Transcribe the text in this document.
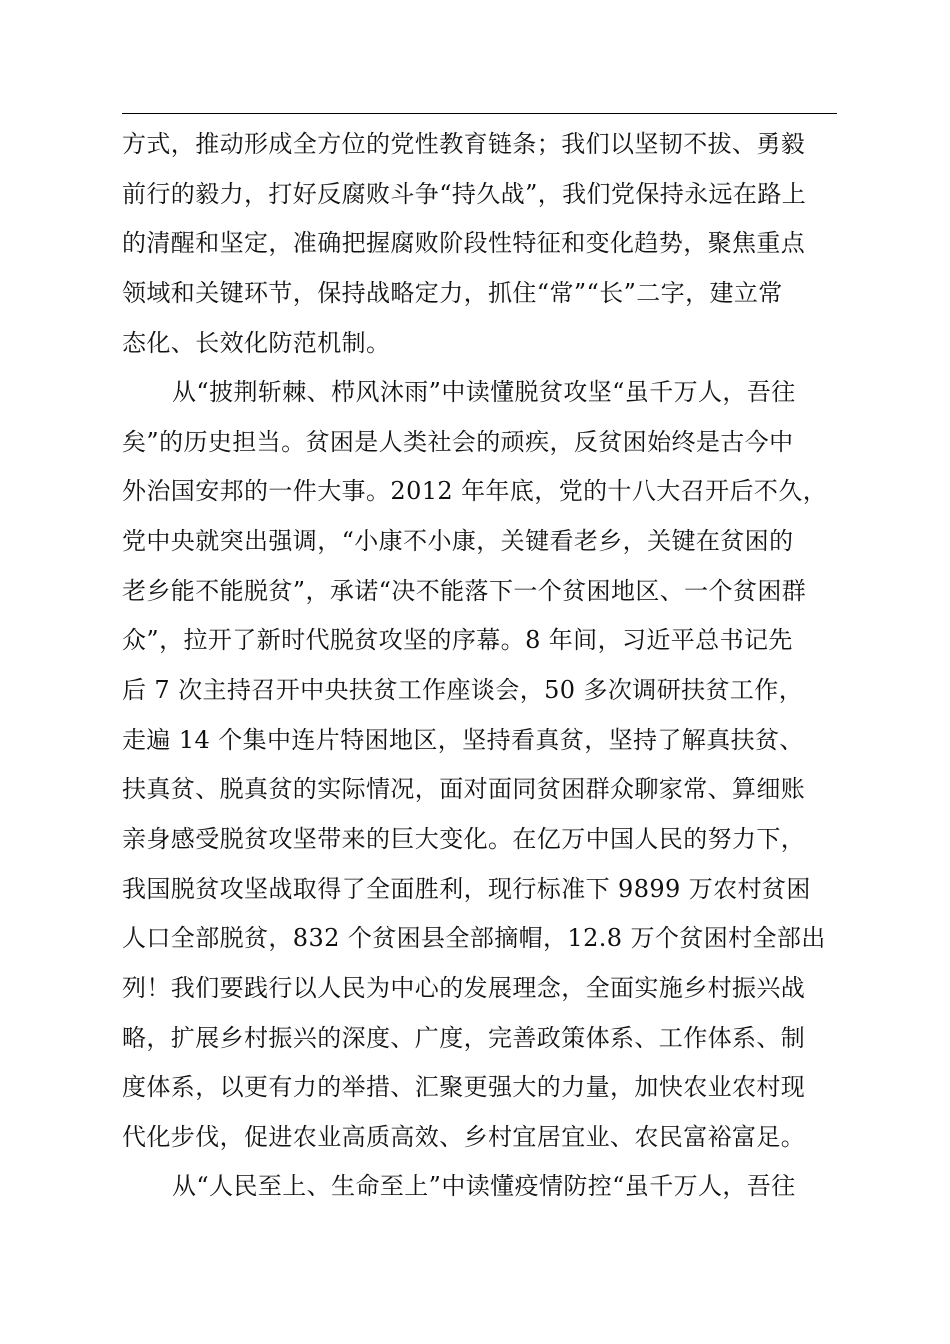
方式，推动形成全方位的党性教育链条；我们以坚韧不拔、勇毅
前行的毅力，打好反腐败斗争“持久战”，我们党保持永远在路上
的清醒和坚定，准确把握腐败阶段性特征和变化趋势，聚焦重点
领域和关键环节，保持战略定力，抓住“常”“长”二字，建立常
态化、长效化防范机制。
从“披荆斩棘、栉风沐雨”中读懂脱贫攻坚“虽千万人，吾往
矣”的历史担当。贫困是人类社会的顽疾，反贫困始终是古今中
外治国安邦的一件大事。2012 年年底，党的十八大召开后不久，
党中央就突出强调，“小康不小康，关键看老乡，关键在贫困的
老乡能不能脱贫”，承诺“决不能落下一个贫困地区、一个贫困群
众”，拉开了新时代脱贫攻坚的序幕。8 年间，习近平总书记先
后 7 次主持召开中央扶贫工作座谈会，50 多次调研扶贫工作，
走遍 14 个集中连片特困地区，坚持看真贫，坚持了解真扶贫、
扶真贫、脱真贫的实际情况，面对面同贫困群众聊家常、算细账
亲身感受脱贫攻坚带来的巨大变化。在亿万中国人民的努力下，
我国脱贫攻坚战取得了全面胜利，现行标准下 9899 万农村贫困
人口全部脱贫，832 个贫困县全部摘帽，12.8 万个贫困村全部出
列！我们要践行以人民为中心的发展理念，全面实施乡村振兴战
略，扩展乡村振兴的深度、广度，完善政策体系、工作体系、制
度体系，以更有力的举措、汇聚更强大的力量，加快农业农村现
代化步伐，促进农业高质高效、乡村宜居宜业、农民富裕富足。
从“人民至上、生命至上”中读懂疫情防控“虽千万人，吾往
